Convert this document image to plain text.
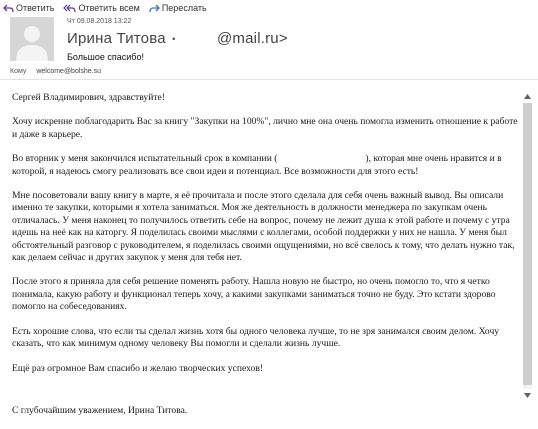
Ответить	Ответить всем Переслать
Чт 09.08.2018 13:22
Ирина Титова •	@mail.ru>
Большое спасибо!
Кому welcome@bolshe.su

Сергей Владимирович, здравствуйте!

Хочу искренне поблагодарить Вас за книгу "Закупки на 100%", лично мне она очень помогла изменить отношение к работе и даже в карьере.

Во вторник у меня закончился испытательный срок в компании (	), которая мне очень нравится и в которой, я надеюсь смогу реализовать все свои идеи и потенциал. Все возможности для этого есть!

Мне посоветовали вашу книгу в марте, я её прочитала и после этого сделала для себя очень важный вывод. Вы описали именно те закупки, которыми я хотела заниматься. Моя же деятельность в должности менеджера по закупкам очень отличалась. У меня наконец то получилось ответить себе на вопрос, почему не лежит душа к этой работе и почему с утра идешь на неё как на каторгу. Я поделилась своими мыслями с коллегами, особой поддержки у них не нашла. У меня был обстоятельный разговор с руководителем, я поделилась своими ощущениями, но всё свелось к тому, что делать нужно так, как делаем сейчас и других закупок у меня для тебя нет.

После этого я приняла для себя решение поменять работу. Нашла новую не быстро, но очень помогло то, что я четко понимала, какую работу и функционал теперь хочу, а какими закупками заниматься точно не буду. Это кстати здорово помогло на собеседованиях.

Есть хорошие слова, что если ты сделал жизнь хотя бы одного человека лучше, то не зря занимался своим делом. Хочу сказать, что как минимум одному человеку Вы помогли и сделали жизнь лучше.

Ещё раз огромное Вам спасибо и желаю творческих успехов!

С глубочайшим уважением, Ирина Титова.
